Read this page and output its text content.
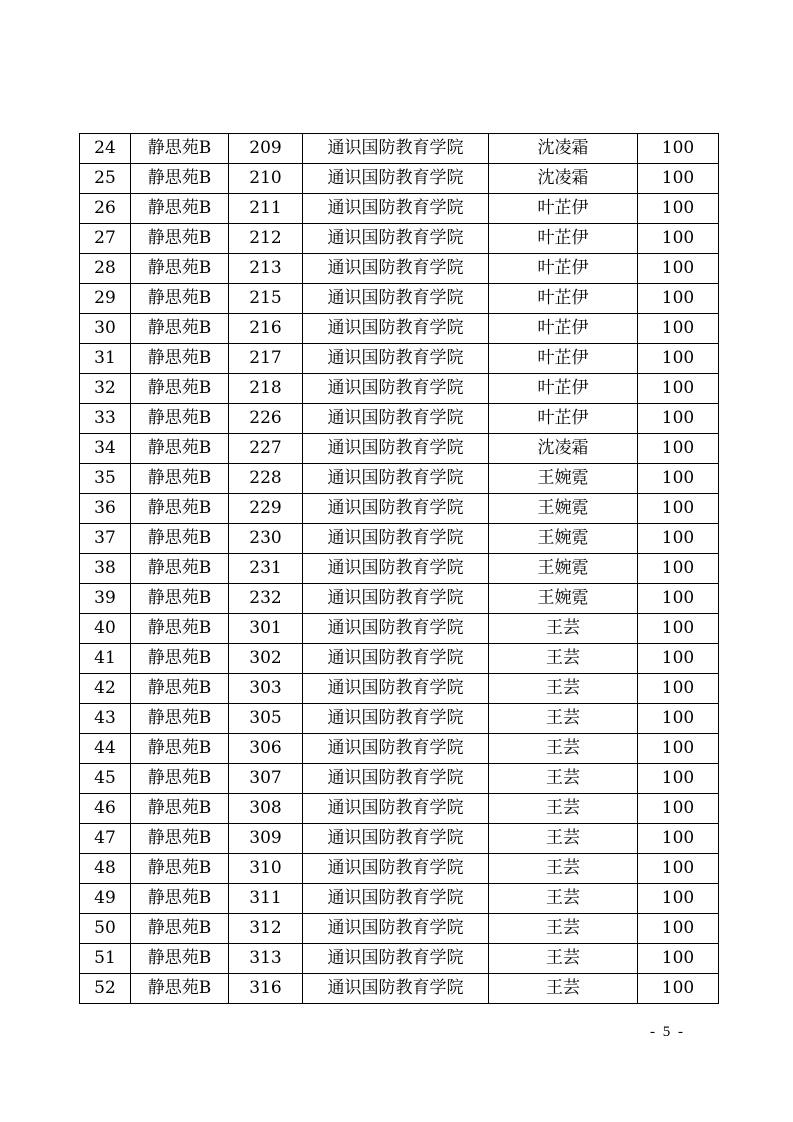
24	静思苑B	209	通识国防教育学院	沈凌霜	100
25	静思苑B	210	通识国防教育学院	沈凌霜	100
26	静思苑B	211	通识国防教育学院	叶芷伊	100
27	静思苑B	212	通识国防教育学院	叶芷伊	100
28	静思苑B	213	通识国防教育学院	叶芷伊	100
29	静思苑B	215	通识国防教育学院	叶芷伊	100
30	静思苑B	216	通识国防教育学院	叶芷伊	100
31	静思苑B	217	通识国防教育学院	叶芷伊	100
32	静思苑B	218	通识国防教育学院	叶芷伊	100
33	静思苑B	226	通识国防教育学院	叶芷伊	100
34	静思苑B	227	通识国防教育学院	沈凌霜	100
35	静思苑B	228	通识国防教育学院	王婉霓	100
36	静思苑B	229	通识国防教育学院	王婉霓	100
37	静思苑B	230	通识国防教育学院	王婉霓	100
38	静思苑B	231	通识国防教育学院	王婉霓	100
39	静思苑B	232	通识国防教育学院	王婉霓	100
40	静思苑B	301	通识国防教育学院	王芸	100
41	静思苑B	302	通识国防教育学院	王芸	100
42	静思苑B	303	通识国防教育学院	王芸	100
43	静思苑B	305	通识国防教育学院	王芸	100
44	静思苑B	306	通识国防教育学院	王芸	100
45	静思苑B	307	通识国防教育学院	王芸	100
46	静思苑B	308	通识国防教育学院	王芸	100
47	静思苑B	309	通识国防教育学院	王芸	100
48	静思苑B	310	通识国防教育学院	王芸	100
49	静思苑B	311	通识国防教育学院	王芸	100
50	静思苑B	312	通识国防教育学院	王芸	100
51	静思苑B	313	通识国防教育学院	王芸	100
52	静思苑B	316	通识国防教育学院	王芸	100
- 5 -
